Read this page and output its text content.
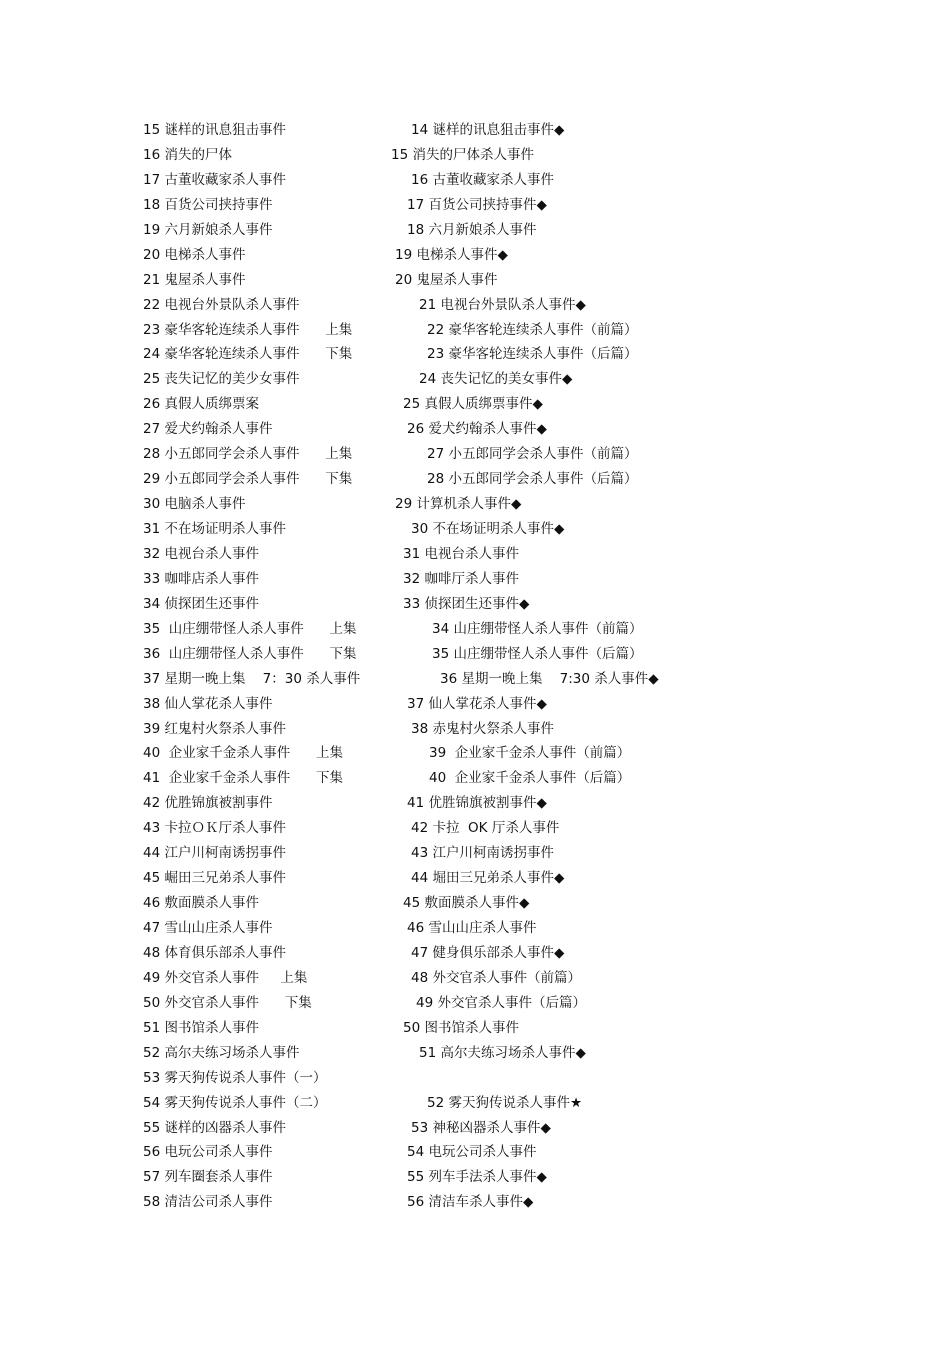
15 谜样的讯息狙击事件	14 谜样的讯息狙击事件◆
16 消失的尸体	15 消失的尸体杀人事件
17 古董收藏家杀人事件	16 古董收藏家杀人事件
18 百货公司挟持事件	17 百货公司挟持事件◆
19 六月新娘杀人事件	18 六月新娘杀人事件
20 电梯杀人事件	19 电梯杀人事件◆
21 鬼屋杀人事件	20 鬼屋杀人事件
22 电视台外景队杀人事件	21 电视台外景队杀人事件◆
23 豪华客轮连续杀人事件      上集	22 豪华客轮连续杀人事件（前篇）
24 豪华客轮连续杀人事件      下集	23 豪华客轮连续杀人事件（后篇）
25 丧失记忆的美少女事件	24 丧失记忆的美女事件◆
26 真假人质绑票案	25 真假人质绑票事件◆
27 爱犬约翰杀人事件	26 爱犬约翰杀人事件◆
28 小五郎同学会杀人事件      上集	27 小五郎同学会杀人事件（前篇）
29 小五郎同学会杀人事件      下集	28 小五郎同学会杀人事件（后篇）
30 电脑杀人事件	29 计算机杀人事件◆
31 不在场证明杀人事件	30 不在场证明杀人事件◆
32 电视台杀人事件	31 电视台杀人事件
33 咖啡店杀人事件	32 咖啡厅杀人事件
34 侦探团生还事件	33 侦探团生还事件◆
35  山庄绷带怪人杀人事件      上集	34 山庄绷带怪人杀人事件（前篇）
36  山庄绷带怪人杀人事件      下集	35 山庄绷带怪人杀人事件（后篇）
37 星期一晚上集    7：30 杀人事件	36 星期一晚上集    7:30 杀人事件◆
38 仙人掌花杀人事件	37 仙人掌花杀人事件◆
39 红鬼村火祭杀人事件	38 赤鬼村火祭杀人事件
40  企业家千金杀人事件      上集	39  企业家千金杀人事件（前篇）
41  企业家千金杀人事件      下集	40  企业家千金杀人事件（后篇）
42 优胜锦旗被割事件	41 优胜锦旗被割事件◆
43 卡拉ＯＫ厅杀人事件	42 卡拉  OK 厅杀人事件
44 江户川柯南诱拐事件	43 江户川柯南诱拐事件
45 崛田三兄弟杀人事件	44 堀田三兄弟杀人事件◆
46 敷面膜杀人事件	45 敷面膜杀人事件◆
47 雪山山庄杀人事件	46 雪山山庄杀人事件
48 体育俱乐部杀人事件	47 健身俱乐部杀人事件◆
49 外交官杀人事件     上集	48 外交官杀人事件（前篇）
50 外交官杀人事件      下集	49 外交官杀人事件（后篇）
51 图书馆杀人事件	50 图书馆杀人事件
52 高尔夫练习场杀人事件	51 高尔夫练习场杀人事件◆
53 雾天狗传说杀人事件（一）
54 雾天狗传说杀人事件（二）	52 雾天狗传说杀人事件★
55 谜样的凶器杀人事件	53 神秘凶器杀人事件◆
56 电玩公司杀人事件	54 电玩公司杀人事件
57 列车圈套杀人事件	55 列车手法杀人事件◆
58 清洁公司杀人事件	56 清洁车杀人事件◆
